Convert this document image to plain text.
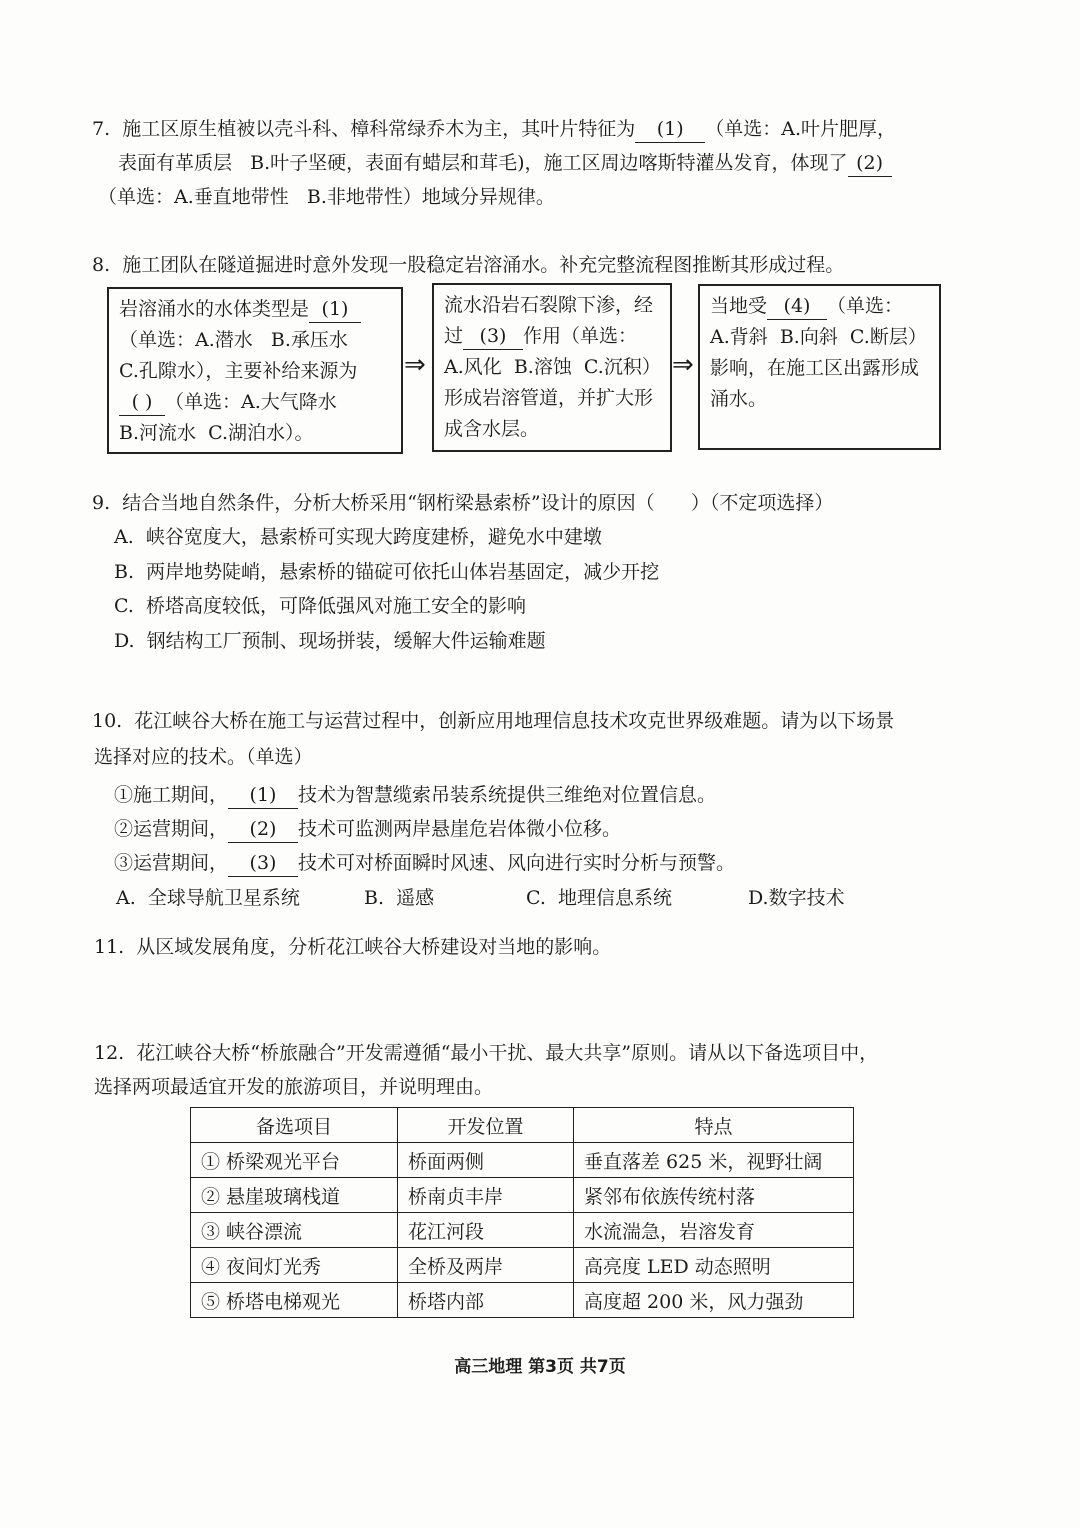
7.  施工区原生植被以壳斗科、樟科常绿乔木为主，其叶片特征为 (1) （单选：A.叶片肥厚，
表面有革质层   B.叶子坚硬，表面有蜡层和茸毛)，施工区周边喀斯特灌丛发育，体现了 (2)
（单选：A.垂直地带性   B.非地带性）地域分异规律。
8.  施工团队在隧道掘进时意外发现一股稳定岩溶涌水。补充完整流程图推断其形成过程。
岩溶涌水的水体类型是 (1)
（单选：A.潜水   B.承压水
C.孔隙水），主要补给来源为
( ) （单选：A.大气降水
B.河流水  C.湖泊水）。
⇒
流水沿岩石裂隙下渗，经
过 (3) 作用（单选：
A.风化  B.溶蚀  C.沉积）
形成岩溶管道，并扩大形
成含水层。
⇒
当地受 (4) （单选：
A.背斜  B.向斜  C.断层）
影响，在施工区出露形成
涌水。
9.  结合当地自然条件，分析大桥采用“钢桁梁悬索桥”设计的原因（      ）（不定项选择）
A.  峡谷宽度大，悬索桥可实现大跨度建桥，避免水中建墩
B.  两岸地势陡峭，悬索桥的锚碇可依托山体岩基固定，减少开挖
C.  桥塔高度较低，可降低强风对施工安全的影响
D.  钢结构工厂预制、现场拼装，缓解大件运输难题
10.  花江峡谷大桥在施工与运营过程中，创新应用地理信息技术攻克世界级难题。请为以下场景
选择对应的技术。（单选）
①施工期间， (1) 技术为智慧缆索吊装系统提供三维绝对位置信息。
②运营期间， (2) 技术可监测两岸悬崖危岩体微小位移。
③运营期间， (3) 技术可对桥面瞬时风速、风向进行实时分析与预警。
A.  全球导航卫星系统	B.  遥感	C.  地理信息系统	D.数字技术
11.  从区域发展角度，分析花江峡谷大桥建设对当地的影响。
12.  花江峡谷大桥“桥旅融合”开发需遵循“最小干扰、最大共享”原则。请从以下备选项目中，
选择两项最适宜开发的旅游项目，并说明理由。
备选项目	开发位置	特点
① 桥梁观光平台	桥面两侧	垂直落差 625 米，视野壮阔
② 悬崖玻璃栈道	桥南贞丰岸	紧邻布依族传统村落
③ 峡谷漂流	花江河段	水流湍急，岩溶发育
④ 夜间灯光秀	全桥及两岸	高亮度 LED 动态照明
⑤ 桥塔电梯观光	桥塔内部	高度超 200 米，风力强劲
高三地理 第3页 共7页
